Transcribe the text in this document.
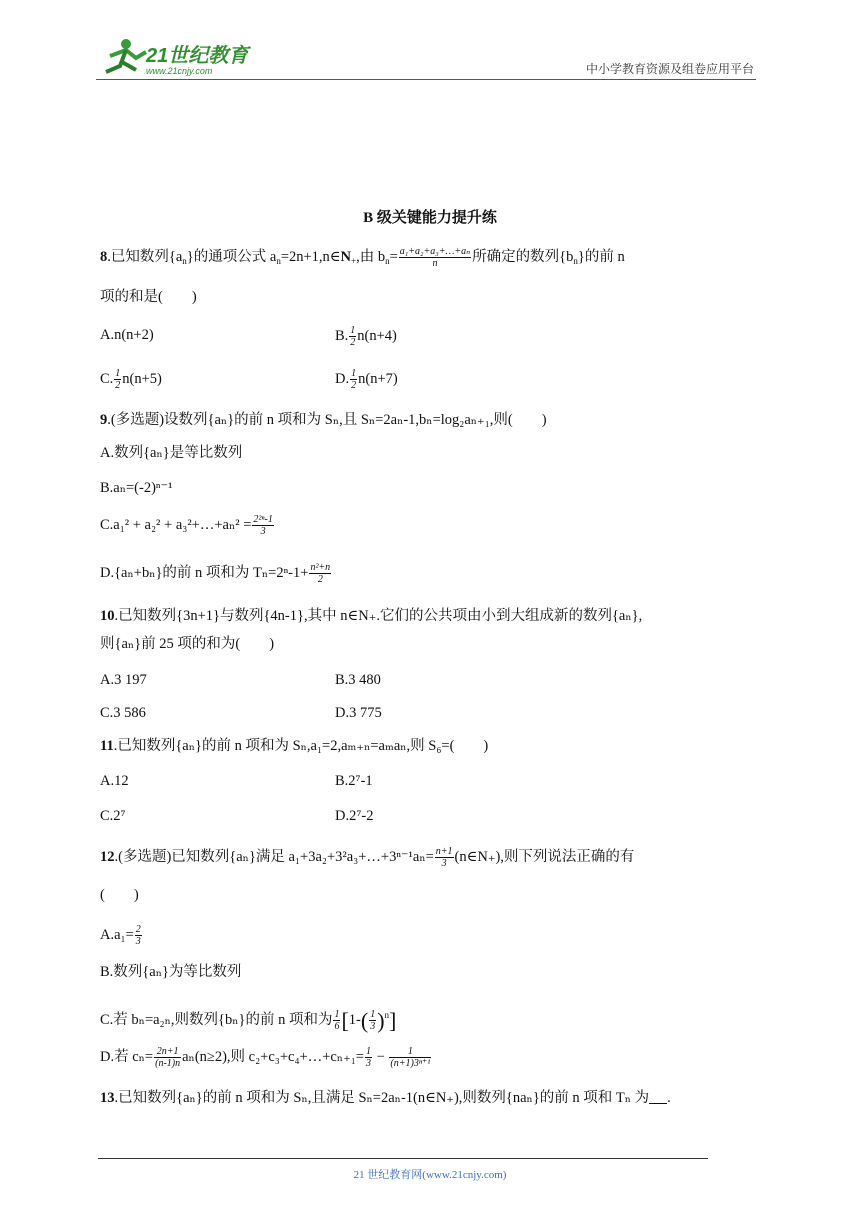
21世纪教育
www.21cnjy.com	中小学教育资源及组卷应用平台
B 级关键能力提升练
8.已知数列$\{a_n\}$的通项公式 $a_n=2n+1,n\in N_+$,由 $b_n= \frac{\text{a₁+a₂+a₃+…+aₙ}}{n}$ 所确定的数列$\{b_n\}$的前 n
项的和是(　　)
A.n(n+2)	B. $\frac{1}{2} n(n+4)$
C. $\frac{1}{2} n(n+5)$	D. $\frac{1}{2} n(n+7)$
9.(多选题)设数列{aₙ}的前 n 项和为 Sₙ,且 Sₙ=2aₙ-1,bₙ=log₂aₙ₊₁,则(　　)
A.数列{aₙ}是等比数列
B.aₙ=(-2)ⁿ⁻¹
C.a₁² + a₂² + a₃²+…+aₙ² = $\frac{\text{2²ⁿ-1}}{3}$
D.{aₙ+bₙ}的前 n 项和为 $T_n=2^n-1+ \frac{\text{n²+n}}{2}$
10.已知数列{3n+1}与数列{4n-1},其中 n∈N₊.它们的公共项由小到大组成新的数列{aₙ},
则{aₙ}前 25 项的和为(　　)
A.3 197	B.3 480
C.3 586	D.3 775
11.已知数列{aₙ}的前 n 项和为 Sₙ,a₁=2,aₘ₊ₙ=aₘaₙ,则 S₆=(　　)
A.12	B.2⁷-1
C.2⁷	D.2⁷-2
12.(多选题)已知数列{aₙ}满足 a₁+3a₂+3²a₃+…+3ⁿ⁻¹aₙ= $\frac{n+1}{3}$ (n∈N₊),则下列说法正确的有
(　　)
$A.a_1= \frac{2}{3}$
B.数列{aₙ}为等比数列
C.若 bₙ=a₂ₙ,则数列{bₙ}的前 n 项和为 $\frac{1}{6} [1-( \frac{1}{3} )^n]$
D.若 $c_n= \frac{2n+1}{(n-1)n} a_n(n\ge 2)$,则 c₂+c₃+c₄+…+cₙ₊₁= $\frac{1}{3} - \frac{1}{\text{(n+1)3ⁿ⁺¹}}$
13.已知数列{aₙ}的前 n 项和为 Sₙ,且满足 Sₙ=2aₙ-1(n∈N₊),则数列{naₙ}的前 n 项和 Tₙ 为 .
21 世纪教育网(www.21cnjy.com)
